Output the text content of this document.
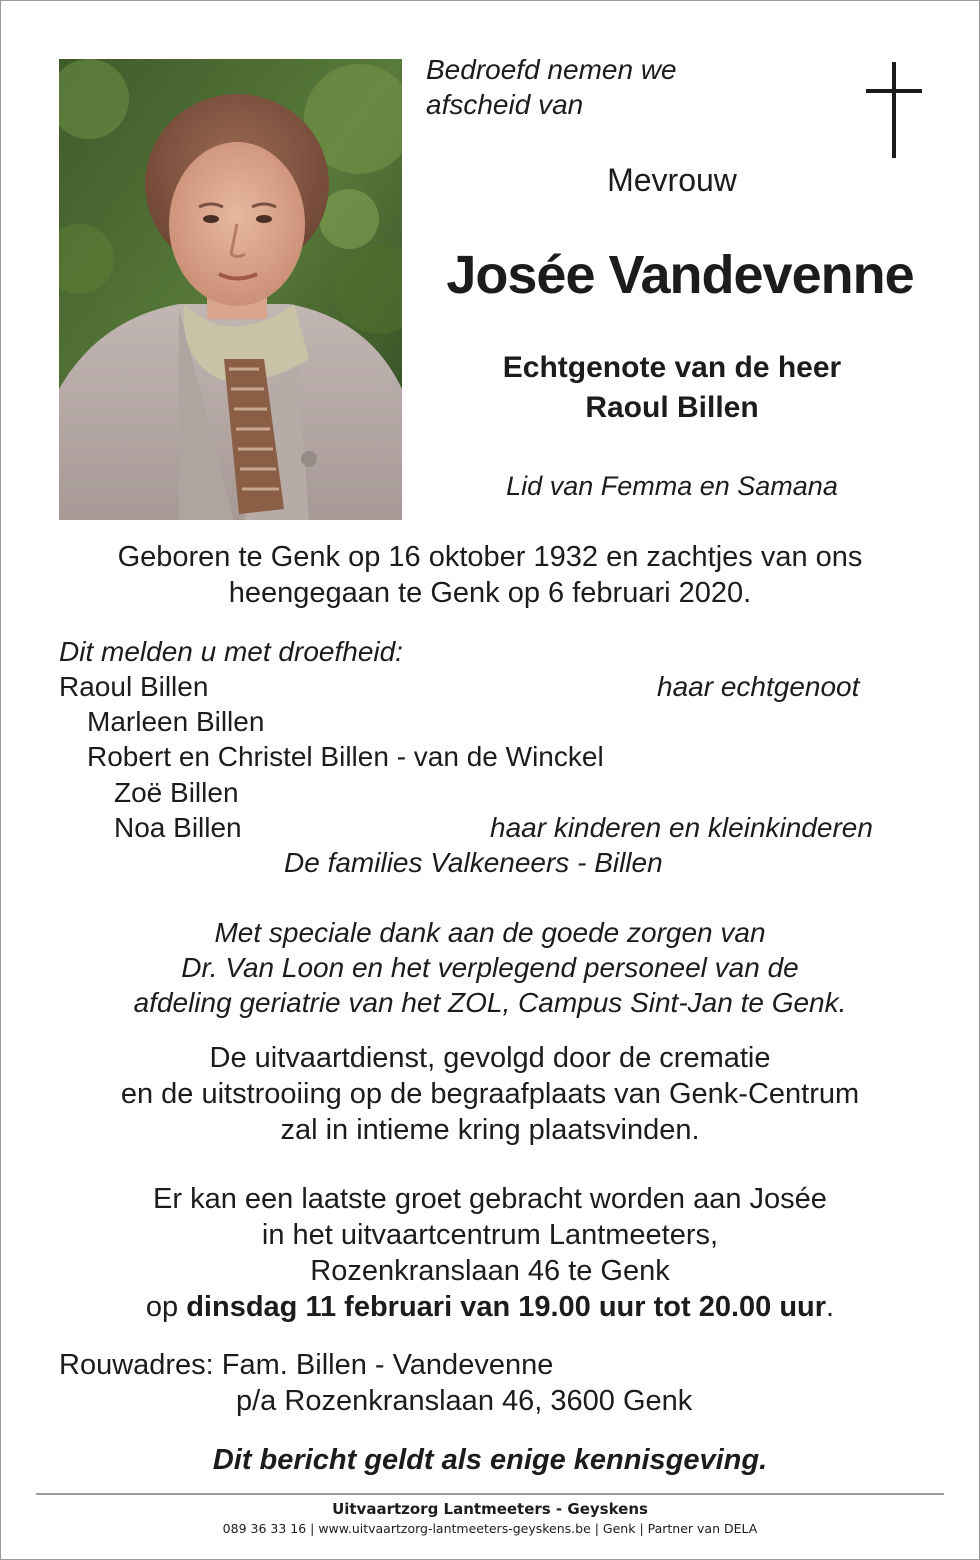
Bedroefd nemen we
afscheid van
Mevrouw
Josée Vandevenne
Echtgenote van de heer
Raoul Billen
Lid van Femma en Samana
Geboren te Genk op 16 oktober 1932 en zachtjes van ons
heengegaan te Genk op 6 februari 2020.
Dit melden u met droefheid:
Raoul Billen	haar echtgenoot
Marleen Billen
Robert en Christel Billen - van de Winckel
Zoë Billen
Noa Billen	haar kinderen en kleinkinderen
De families Valkeneers - Billen
Met speciale dank aan de goede zorgen van
Dr. Van Loon en het verplegend personeel van de
afdeling geriatrie van het ZOL, Campus Sint-Jan te Genk.
De uitvaartdienst, gevolgd door de crematie
en de uitstrooiing op de begraafplaats van Genk-Centrum
zal in intieme kring plaatsvinden.
Er kan een laatste groet gebracht worden aan Josée
in het uitvaartcentrum Lantmeeters,
Rozenkranslaan 46 te Genk
op dinsdag 11 februari van 19.00 uur tot 20.00 uur.
Rouwadres: Fam. Billen - Vandevenne
p/a Rozenkranslaan 46, 3600 Genk
Dit bericht geldt als enige kennisgeving.
Uitvaartzorg Lantmeeters - Geyskens
089 36 33 16 | www.uitvaartzorg-lantmeeters-geyskens.be | Genk | Partner van DELA
